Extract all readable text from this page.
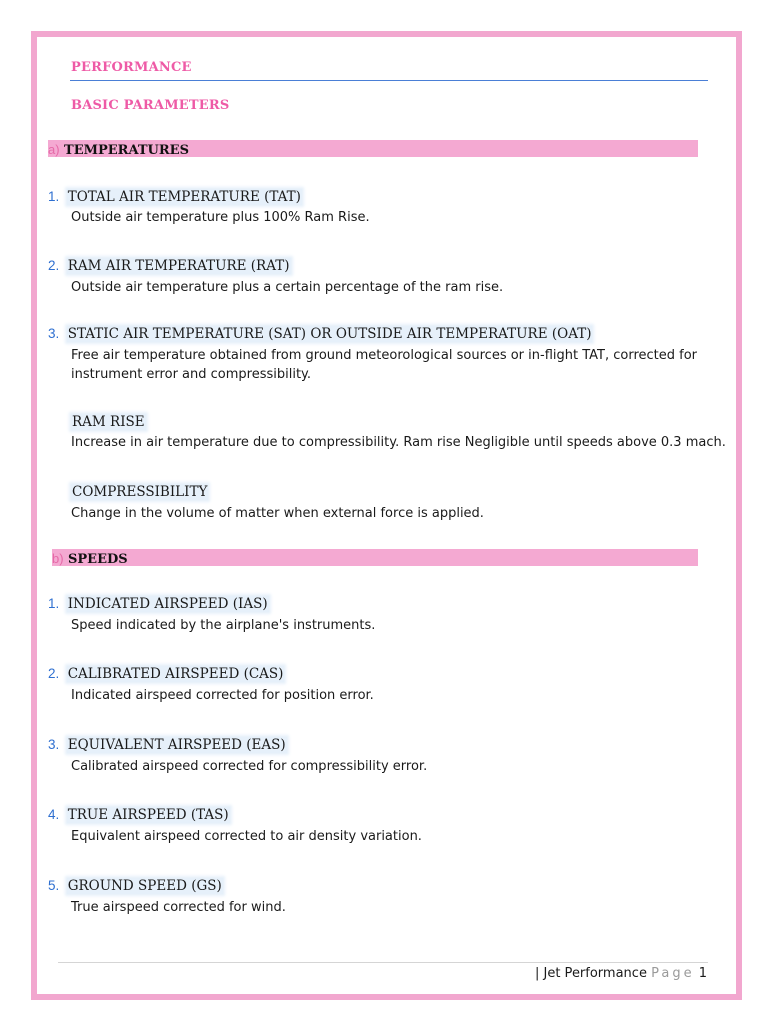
PERFORMANCE
BASIC PARAMETERS
a) TEMPERATURES
1. TOTAL AIR TEMPERATURE (TAT)
Outside air temperature plus 100% Ram Rise.
2. RAM AIR TEMPERATURE (RAT)
Outside air temperature plus a certain percentage of the ram rise.
3. STATIC AIR TEMPERATURE (SAT) OR OUTSIDE AIR TEMPERATURE (OAT)
Free air temperature obtained from ground meteorological sources or in-flight TAT, corrected for instrument error and compressibility.
RAM RISE
Increase in air temperature due to compressibility. Ram rise Negligible until speeds above 0.3 mach.
COMPRESSIBILITY
Change in the volume of matter when external force is applied.
b) SPEEDS
1. INDICATED AIRSPEED (IAS)
Speed indicated by the airplane's instruments.
2. CALIBRATED AIRSPEED (CAS)
Indicated airspeed corrected for position error.
3. EQUIVALENT AIRSPEED (EAS)
Calibrated airspeed corrected for compressibility error.
4. TRUE AIRSPEED (TAS)
Equivalent airspeed corrected to air density variation.
5. GROUND SPEED (GS)
True airspeed corrected for wind.
| Jet Performance Page 1
